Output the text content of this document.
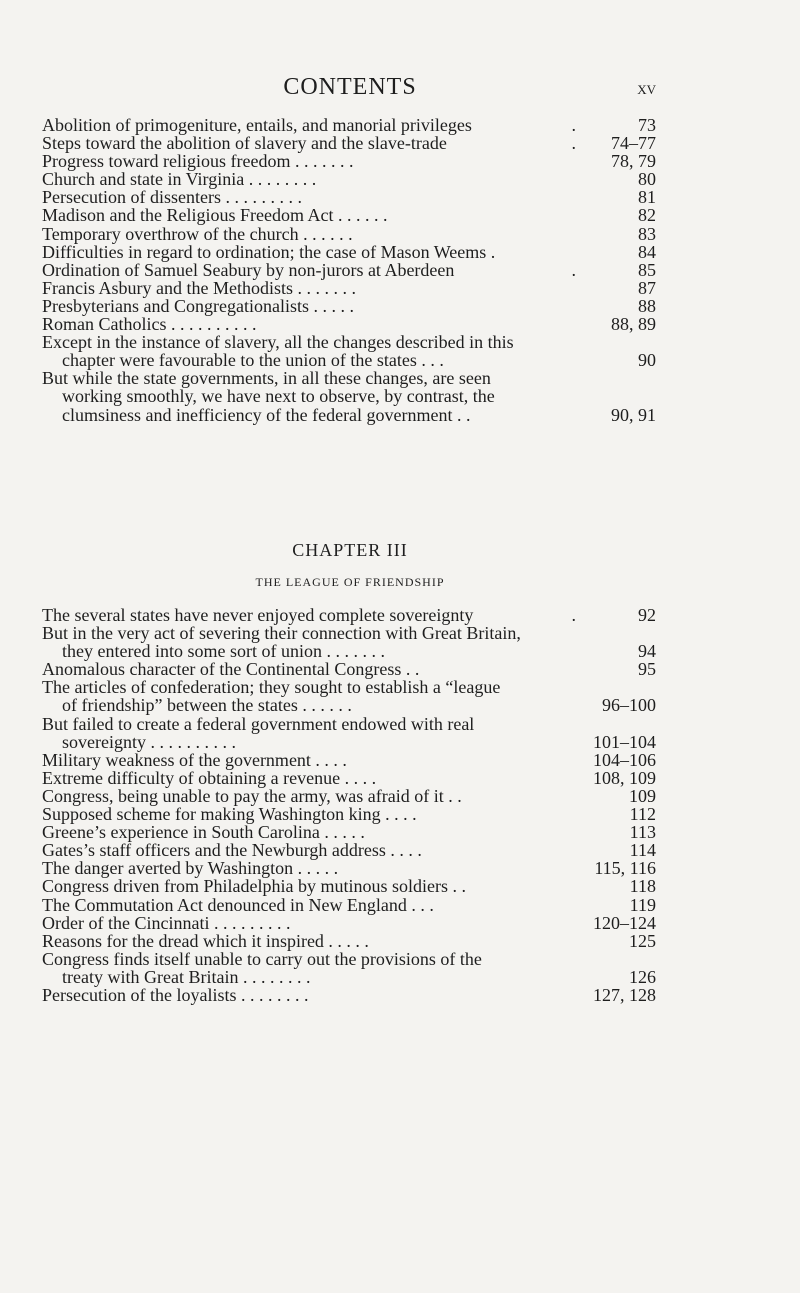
CONTENTS	xv
Abolition of primogeniture, entails, and manorial privileges	.	73
Steps toward the abolition of slavery and the slave-trade	. 74–77
Progress toward religious freedom . . . . . . .	78, 79
Church and state in Virginia . . . . . . . .	80
Persecution of dissenters . . . . . . . . .	81
Madison and the Religious Freedom Act . . . . . .	82
Temporary overthrow of the church . . . . . .	83
Difficulties in regard to ordination; the case of Mason Weems .	84
Ordination of Samuel Seabury by non-jurors at Aberdeen	.	85
Francis Asbury and the Methodists . . . . . . .	87
Presbyterians and Congregationalists . . . . .	88
Roman Catholics . . . . . . . . . .	88, 89
Except in the instance of slavery, all the changes described in this
chapter were favourable to the union of the states . . .	90
But while the state governments, in all these changes, are seen
working smoothly, we have next to observe, by contrast, the
clumsiness and inefficiency of the federal government . .	90, 91
CHAPTER III
THE LEAGUE OF FRIENDSHIP
The several states have never enjoyed complete sovereignty	.	92
But in the very act of severing their connection with Great Britain,
they entered into some sort of union . . . . . . .	94
Anomalous character of the Continental Congress . .	95
The articles of confederation; they sought to establish a “league
of friendship” between the states . . . . . .	96–100
But failed to create a federal government endowed with real
sovereignty . . . . . . . . . .	101–104
Military weakness of the government . . . .	104–106
Extreme difficulty of obtaining a revenue . . . .	108, 109
Congress, being unable to pay the army, was afraid of it . .	109
Supposed scheme for making Washington king . . . .	112
Greene’s experience in South Carolina . . . . .	113
Gates’s staff officers and the Newburgh address . . . .	114
The danger averted by Washington . . . . .	115, 116
Congress driven from Philadelphia by mutinous soldiers . .	118
The Commutation Act denounced in New England . . .	119
Order of the Cincinnati . . . . . . . . .	120–124
Reasons for the dread which it inspired . . . . .	125
Congress finds itself unable to carry out the provisions of the
treaty with Great Britain . . . . . . . .	126
Persecution of the loyalists . . . . . . . .	127, 128
